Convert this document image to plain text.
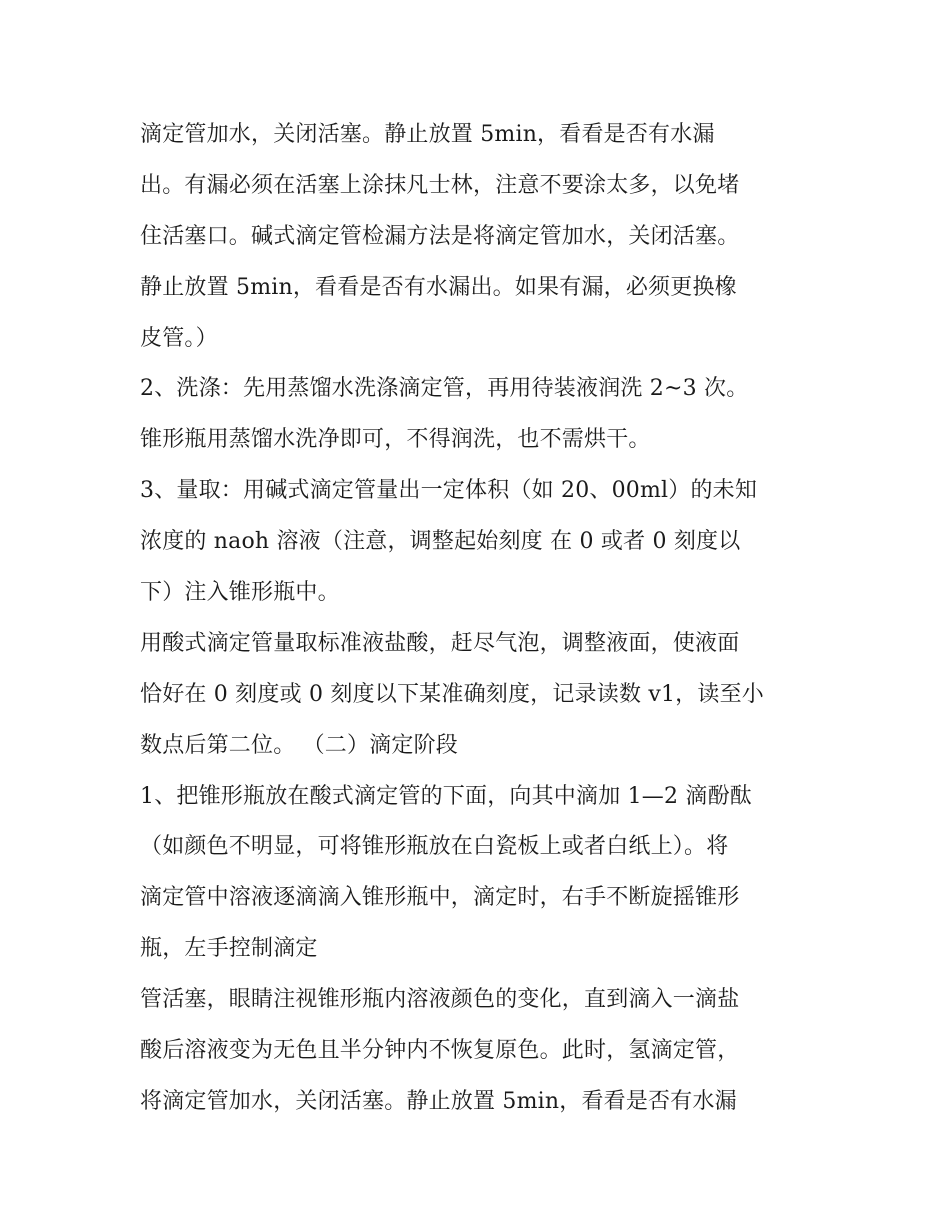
滴定管加水，关闭活塞。静止放置 5min，看看是否有水漏
出。有漏必须在活塞上涂抹凡士林，注意不要涂太多，以免堵
住活塞口。碱式滴定管检漏方法是将滴定管加水，关闭活塞。
静止放置 5min，看看是否有水漏出。如果有漏，必须更换橡
皮管。）
2、洗涤：先用蒸馏水洗涤滴定管，再用待装液润洗 2~3 次。
锥形瓶用蒸馏水洗净即可，不得润洗，也不需烘干。
3、量取：用碱式滴定管量出一定体积（如 20、00ml）的未知
浓度的 naoh 溶液（注意，调整起始刻度 在 0 或者 0 刻度以
下）注入锥形瓶中。
用酸式滴定管量取标准液盐酸，赶尽气泡，调整液面，使液面
恰好在 0 刻度或 0 刻度以下某准确刻度，记录读数 v1，读至小
数点后第二位。 （二）滴定阶段
1、把锥形瓶放在酸式滴定管的下面，向其中滴加 1—2 滴酚酞
（如颜色不明显，可将锥形瓶放在白瓷板上或者白纸上）。将
滴定管中溶液逐滴滴入锥形瓶中，滴定时，右手不断旋摇锥形
瓶，左手控制滴定
管活塞，眼睛注视锥形瓶内溶液颜色的变化，直到滴入一滴盐
酸后溶液变为无色且半分钟内不恢复原色。此时，氢滴定管，
将滴定管加水，关闭活塞。静止放置 5min，看看是否有水漏
